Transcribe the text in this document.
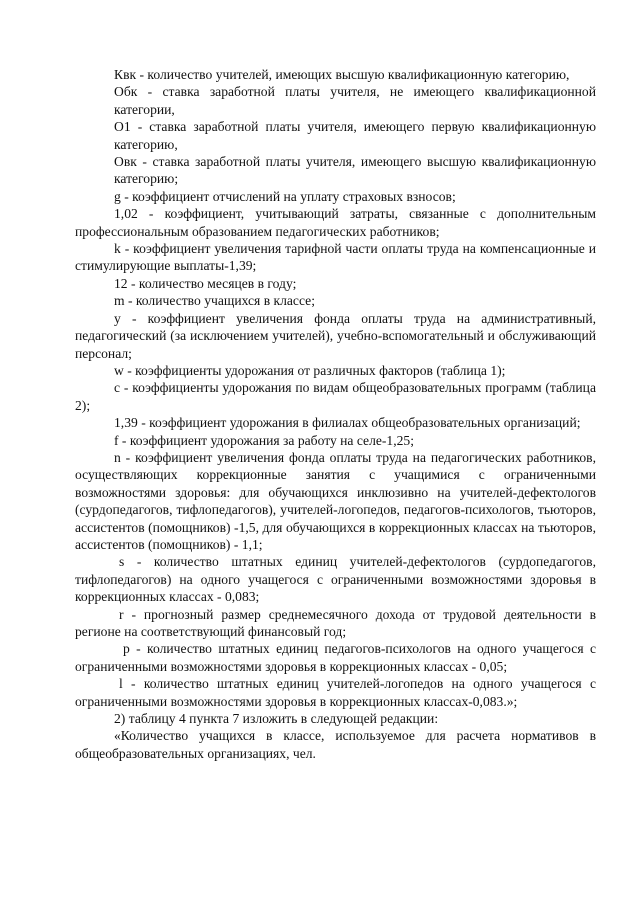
Квк - количество учителей, имеющих высшую квалификационную категорию,

Обк - ставка заработной платы учителя, не имеющего квалификационной категории,

О1 - ставка заработной платы учителя, имеющего первую квалификационную категорию,

Овк - ставка заработной платы учителя, имеющего высшую квалификационную категорию;

g - коэффициент отчислений на уплату страховых взносов;

1,02 - коэффициент, учитывающий затраты, связанные с дополнительным профессиональным образованием педагогических работников;

k - коэффициент увеличения тарифной части оплаты труда на компенсационные и стимулирующие выплаты-1,39;

12 - количество месяцев в году;

m - количество учащихся в классе;

y - коэффициент увеличения фонда оплаты труда на административный, педагогический (за исключением учителей), учебно-вспомогательный и обслуживающий персонал;

w - коэффициенты удорожания от различных факторов (таблица 1);

c - коэффициенты удорожания по видам общеобразовательных программ (таблица 2);

1,39 - коэффициент удорожания в филиалах общеобразовательных организаций;

f - коэффициент удорожания за работу на селе-1,25;

n - коэффициент увеличения фонда оплаты труда на педагогических работников, осуществляющих коррекционные занятия с учащимися с ограниченными возможностями здоровья: для обучающихся инклюзивно на учителей-дефектологов (сурдопедагогов, тифлопедагогов), учителей-логопедов, педагогов-психологов, тьюторов, ассистентов (помощников) -1,5, для обучающихся в коррекционных классах на тьюторов, ассистентов (помощников) - 1,1;

s - количество штатных единиц учителей-дефектологов (сурдопедагогов, тифлопедагогов) на одного учащегося с ограниченными возможностями здоровья в коррекционных классах - 0,083;

r - прогнозный размер среднемесячного дохода от трудовой деятельности в регионе на соответствующий финансовый год;

p - количество штатных единиц педагогов-психологов на одного учащегося с ограниченными возможностями здоровья в коррекционных классах - 0,05;

l - количество штатных единиц учителей-логопедов на одного учащегося с ограниченными возможностями здоровья в коррекционных классах-0,083.»;

2) таблицу 4 пункта 7 изложить в следующей редакции:

«Количество учащихся в классе, используемое для расчета нормативов в общеобразовательных организациях, чел.
